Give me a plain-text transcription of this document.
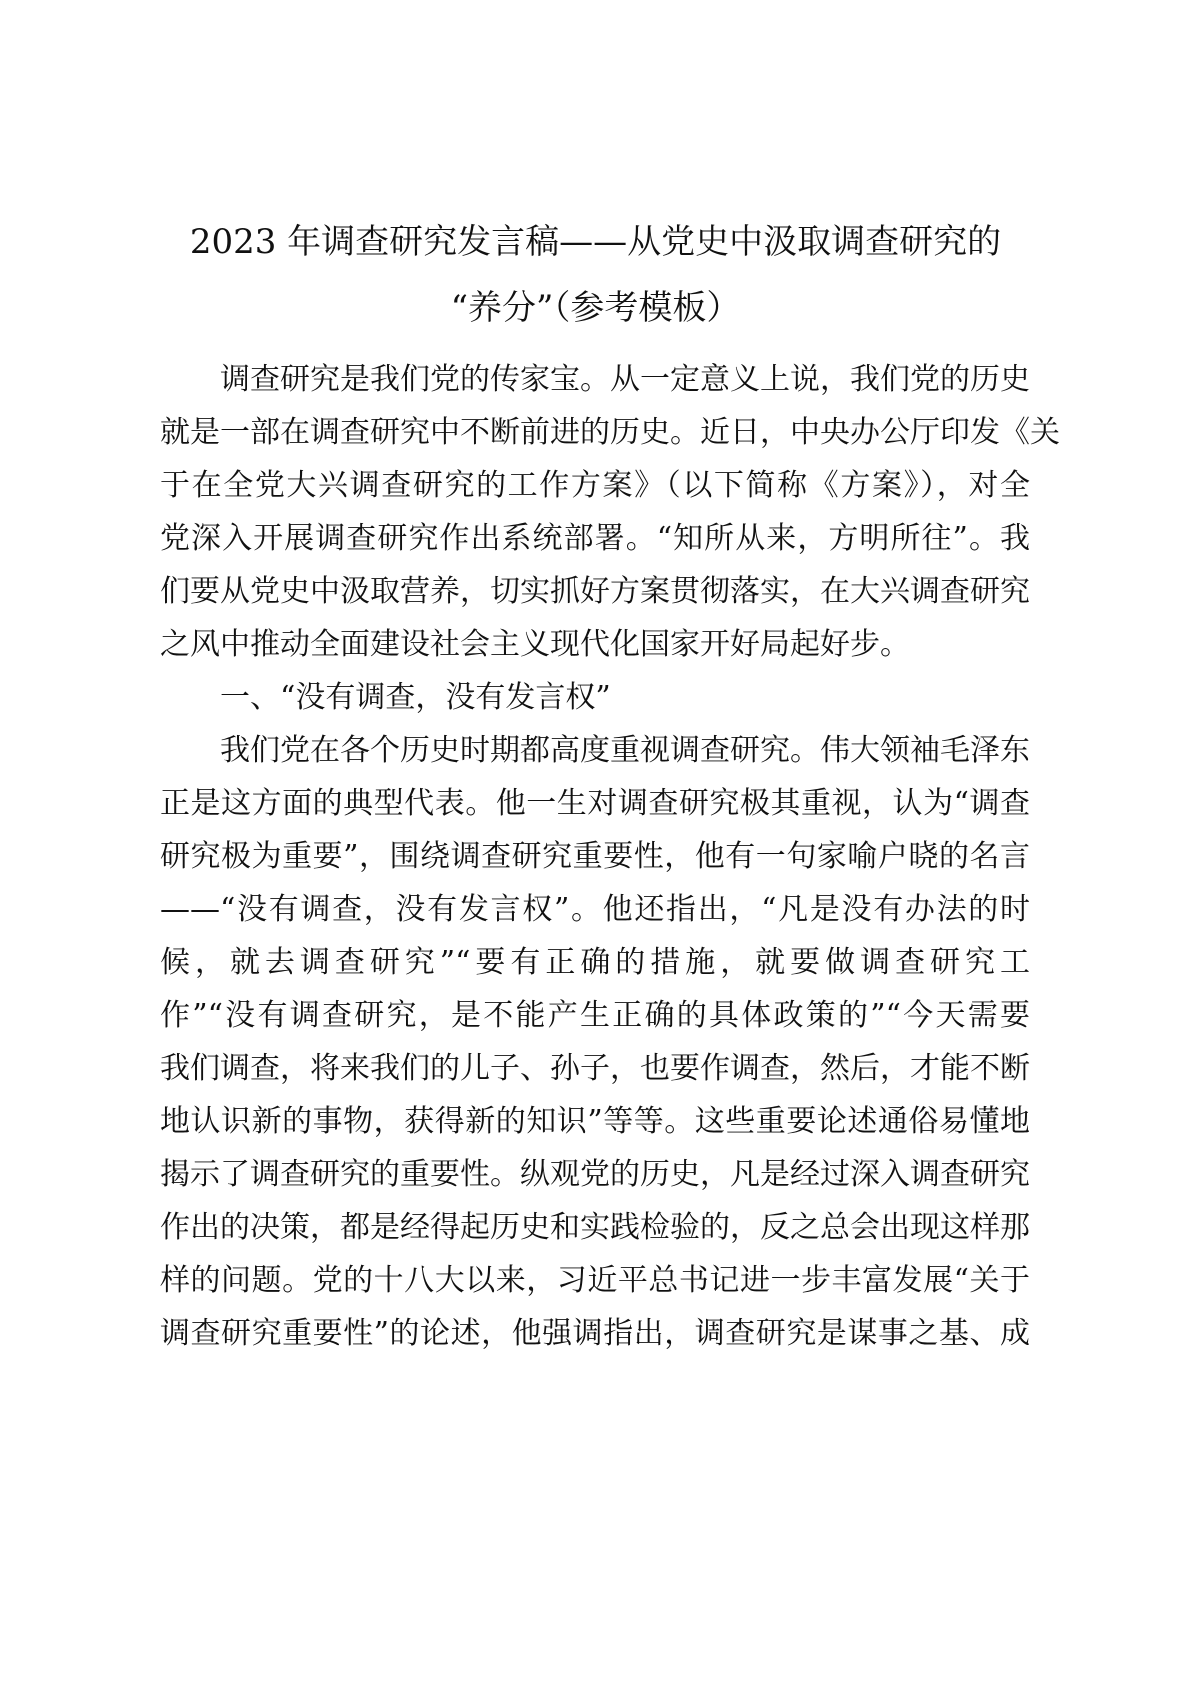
2023 年调查研究发言稿——从党史中汲取调查研究的
“养分”（参考模板）
调查研究是我们党的传家宝。从一定意义上说，我们党的历史
就是一部在调查研究中不断前进的历史。近日，中央办公厅印发《关
于在全党大兴调查研究的工作方案》（以下简称《方案》），对全
党深入开展调查研究作出系统部署。“知所从来，方明所往”。我
们要从党史中汲取营养，切实抓好方案贯彻落实，在大兴调查研究
之风中推动全面建设社会主义现代化国家开好局起好步。
一、“没有调查，没有发言权”
我们党在各个历史时期都高度重视调查研究。伟大领袖毛泽东
正是这方面的典型代表。他一生对调查研究极其重视，认为“调查
研究极为重要”，围绕调查研究重要性，他有一句家喻户晓的名言
——“没有调查，没有发言权”。他还指出，“凡是没有办法的时
候，就去调查研究”“要有正确的措施，就要做调查研究工
作”“没有调查研究，是不能产生正确的具体政策的”“今天需要
我们调查，将来我们的儿子、孙子，也要作调查，然后，才能不断
地认识新的事物，获得新的知识”等等。这些重要论述通俗易懂地
揭示了调查研究的重要性。纵观党的历史，凡是经过深入调查研究
作出的决策，都是经得起历史和实践检验的，反之总会出现这样那
样的问题。党的十八大以来，习近平总书记进一步丰富发展“关于
调查研究重要性”的论述，他强调指出，调查研究是谋事之基、成
